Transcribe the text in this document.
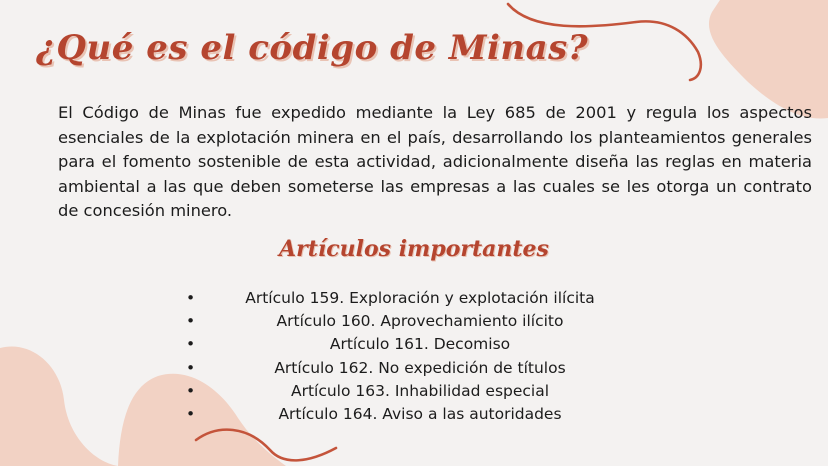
¿Qué es el código de Minas?

El Código de Minas fue expedido mediante la Ley 685 de 2001 y regula los aspectos esenciales de la explotación minera en el país, desarrollando los planteamientos generales para el fomento sostenible de esta actividad, adicionalmente diseña las reglas en materia ambiental a las que deben someterse las empresas a las cuales se les otorga un contrato de concesión minero.

Artículos importantes
•	Artículo 159. Exploración y explotación ilícita
•	Artículo 160. Aprovechamiento ilícito
•	Artículo 161. Decomiso
•	Artículo 162. No expedición de títulos
•	Artículo 163. Inhabilidad especial
•	Artículo 164. Aviso a las autoridades
